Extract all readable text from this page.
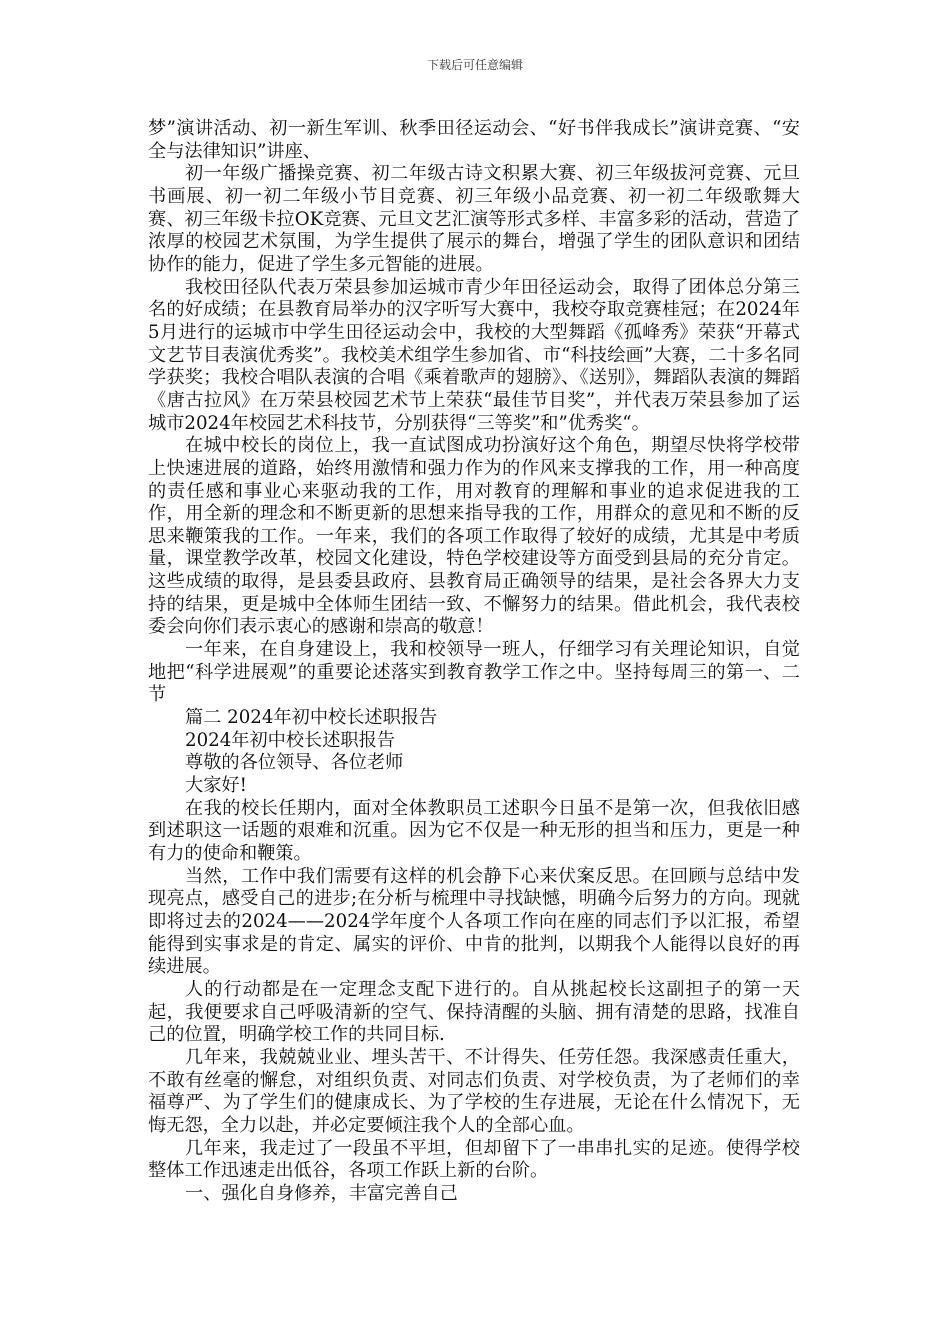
下载后可任意编辑

梦”演讲活动、初一新生军训、秋季田径运动会、“好书伴我成长”演讲竞赛、“安全与法律知识”讲座、

初一年级广播操竞赛、初二年级古诗文积累大赛、初三年级拔河竞赛、元旦书画展、初一初二年级小节目竞赛、初三年级小品竞赛、初一初二年级歌舞大赛、初三年级卡拉OK竞赛、元旦文艺汇演等形式多样、丰富多彩的活动，营造了浓厚的校园艺术氛围，为学生提供了展示的舞台，增强了学生的团队意识和团结协作的能力，促进了学生多元智能的进展。

我校田径队代表万荣县参加运城市青少年田径运动会，取得了团体总分第三名的好成绩；在县教育局举办的汉字听写大赛中，我校夺取竞赛桂冠；在2024年5月进行的运城市中学生田径运动会中，我校的大型舞蹈《孤峰秀》荣获“开幕式文艺节目表演优秀奖”。我校美术组学生参加省、市“科技绘画”大赛，二十多名同学获奖；我校合唱队表演的合唱《乘着歌声的翅膀》、《送别》，舞蹈队表演的舞蹈《唐古拉风》在万荣县校园艺术节上荣获“最佳节目奖”，并代表万荣县参加了运城市2024年校园艺术科技节，分别获得“三等奖”和”优秀奖“。

在城中校长的岗位上，我一直试图成功扮演好这个角色，期望尽快将学校带上快速进展的道路，始终用激情和强力作为的作风来支撑我的工作，用一种高度的责任感和事业心来驱动我的工作，用对教育的理解和事业的追求促进我的工作，用全新的理念和不断更新的思想来指导我的工作，用群众的意见和不断的反思来鞭策我的工作。一年来，我们的各项工作取得了较好的成绩，尤其是中考质量，课堂教学改革，校园文化建设，特色学校建设等方面受到县局的充分肯定。这些成绩的取得，是县委县政府、县教育局正确领导的结果，是社会各界大力支持的结果，更是城中全体师生团结一致、不懈努力的结果。借此机会，我代表校委会向你们表示衷心的感谢和崇高的敬意！

一年来，在自身建设上，我和校领导一班人，仔细学习有关理论知识，自觉地把“科学进展观”的重要论述落实到教育教学工作之中。坚持每周三的第一、二节

篇二 2024年初中校长述职报告

2024年初中校长述职报告

尊敬的各位领导、各位老师

大家好!

在我的校长任期内，面对全体教职员工述职今日虽不是第一次，但我依旧感到述职这一话题的艰难和沉重。因为它不仅是一种无形的担当和压力，更是一种有力的使命和鞭策。

当然，工作中我们需要有这样的机会静下心来伏案反思。在回顾与总结中发现亮点，感受自己的进步;在分析与梳理中寻找缺憾，明确今后努力的方向。现就即将过去的2024——2024学年度个人各项工作向在座的同志们予以汇报，希望能得到实事求是的肯定、属实的评价、中肯的批判，以期我个人能得以良好的再续进展。

人的行动都是在一定理念支配下进行的。自从挑起校长这副担子的第一天起，我便要求自己呼吸清新的空气、保持清醒的头脑、拥有清楚的思路，找准自己的位置，明确学校工作的共同目标.

几年来，我兢兢业业、埋头苦干、不计得失、任劳任怨。我深感责任重大，不敢有丝毫的懈怠，对组织负责、对同志们负责、对学校负责，为了老师们的幸福尊严、为了学生们的健康成长、为了学校的生存进展，无论在什么情况下，无悔无怨，全力以赴，并必定要倾注我个人的全部心血。

几年来，我走过了一段虽不平坦，但却留下了一串串扎实的足迹。使得学校整体工作迅速走出低谷，各项工作跃上新的台阶。

一、强化自身修养，丰富完善自己
